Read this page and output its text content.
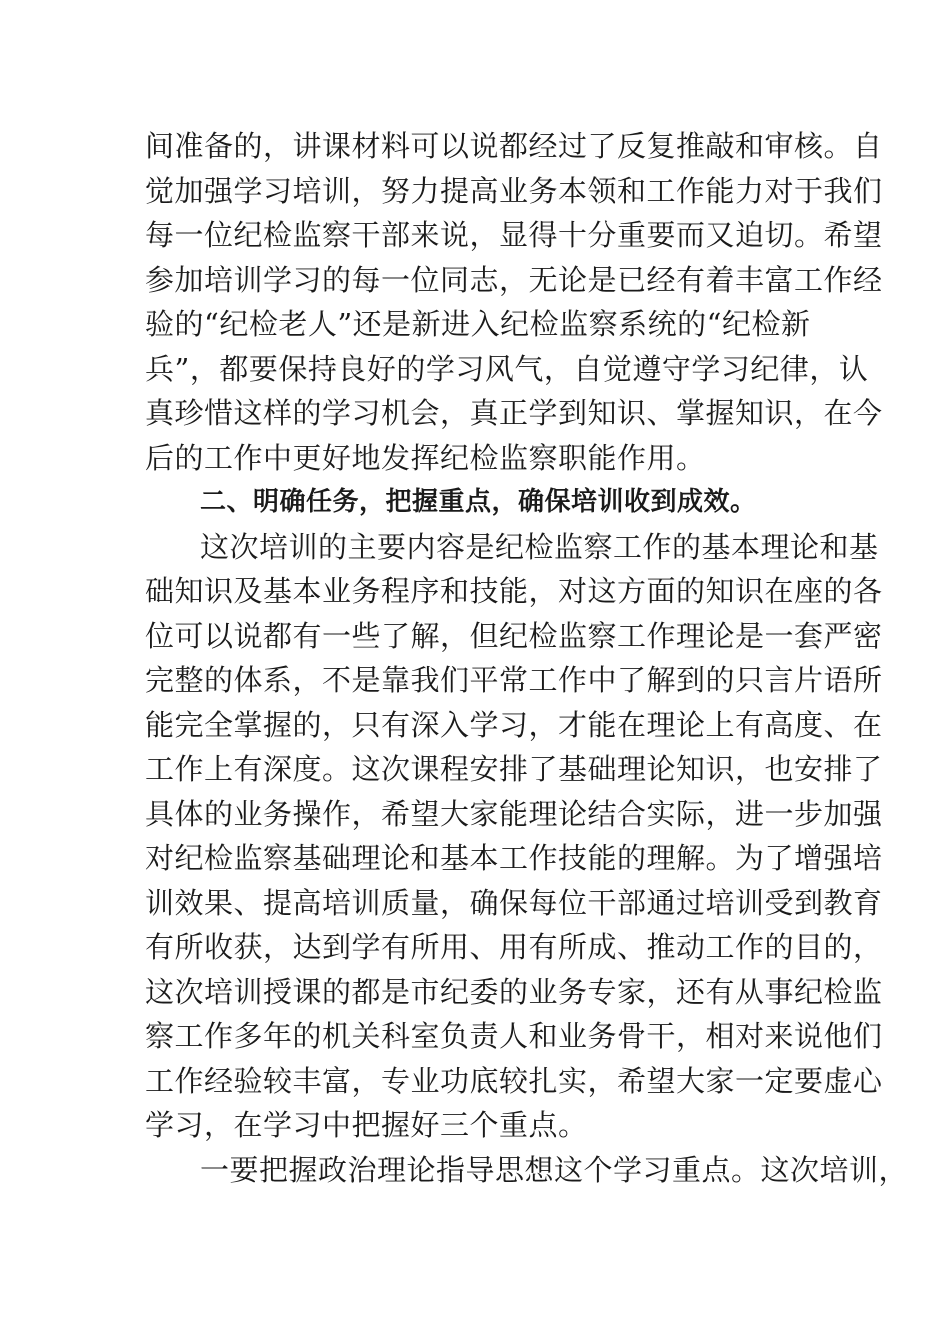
间准备的，讲课材料可以说都经过了反复推敲和审核。自
觉加强学习培训，努力提高业务本领和工作能力对于我们
每一位纪检监察干部来说，显得十分重要而又迫切。希望
参加培训学习的每一位同志，无论是已经有着丰富工作经
验的“纪检老人”还是新进入纪检监察系统的“纪检新
兵”，都要保持良好的学习风气，自觉遵守学习纪律，认
真珍惜这样的学习机会，真正学到知识、掌握知识，在今
后的工作中更好地发挥纪检监察职能作用。
二、明确任务，把握重点，确保培训收到成效。
这次培训的主要内容是纪检监察工作的基本理论和基
础知识及基本业务程序和技能，对这方面的知识在座的各
位可以说都有一些了解，但纪检监察工作理论是一套严密
完整的体系，不是靠我们平常工作中了解到的只言片语所
能完全掌握的，只有深入学习，才能在理论上有高度、在
工作上有深度。这次课程安排了基础理论知识，也安排了
具体的业务操作，希望大家能理论结合实际，进一步加强
对纪检监察基础理论和基本工作技能的理解。为了增强培
训效果、提高培训质量，确保每位干部通过培训受到教育
有所收获，达到学有所用、用有所成、推动工作的目的，
这次培训授课的都是市纪委的业务专家，还有从事纪检监
察工作多年的机关科室负责人和业务骨干，相对来说他们
工作经验较丰富，专业功底较扎实，希望大家一定要虚心
学习，在学习中把握好三个重点。
一要把握政治理论指导思想这个学习重点。这次培训，
